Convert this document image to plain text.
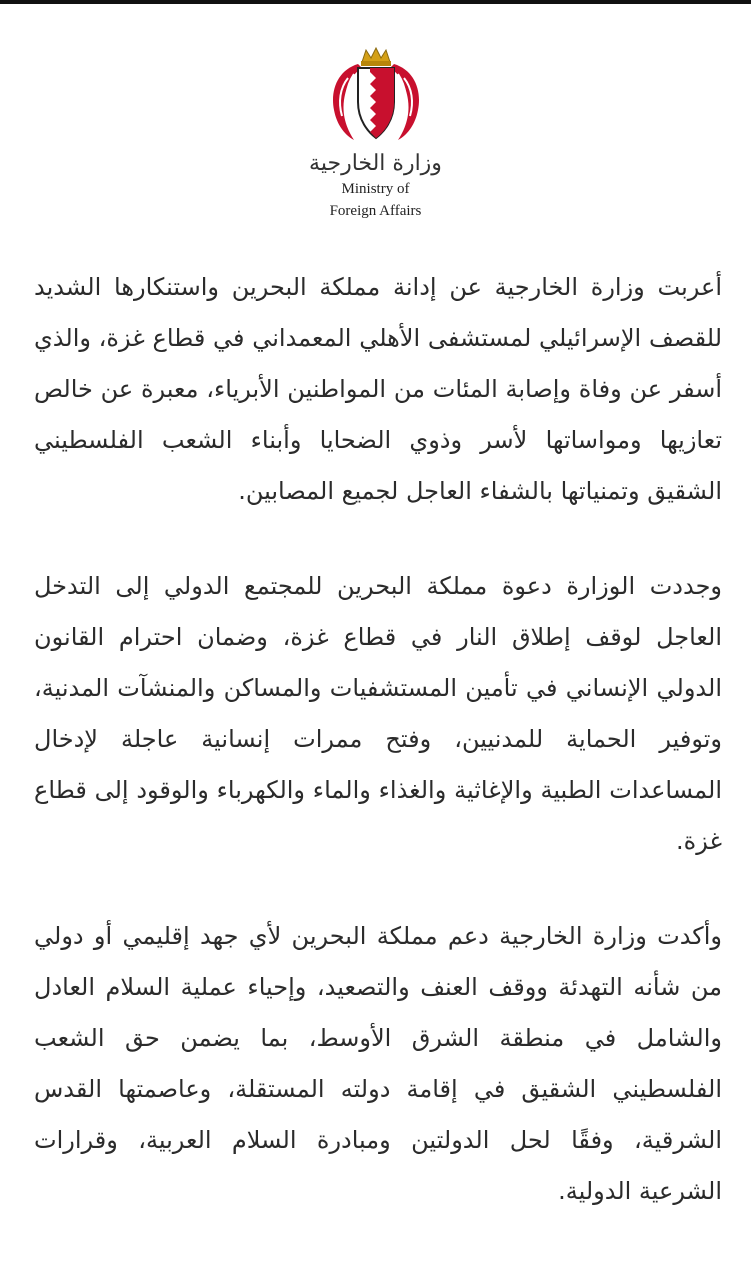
وزارة الخارجية
Ministry of
Foreign Affairs

أعربت وزارة الخارجية عن إدانة مملكة البحرين واستنكارها الشديد للقصف الإسرائيلي لمستشفى الأهلي المعمداني في قطاع غزة، والذي أسفر عن وفاة وإصابة المئات من المواطنين الأبرياء، معبرة عن خالص تعازيها ومواساتها لأسر وذوي الضحايا وأبناء الشعب الفلسطيني الشقيق وتمنياتها بالشفاء العاجل لجميع المصابين.

وجددت الوزارة دعوة مملكة البحرين للمجتمع الدولي إلى التدخل العاجل لوقف إطلاق النار في قطاع غزة، وضمان احترام القانون الدولي الإنساني في تأمين المستشفيات والمساكن والمنشآت المدنية، وتوفير الحماية للمدنيين، وفتح ممرات إنسانية عاجلة لإدخال المساعدات الطبية والإغاثية والغذاء والماء والكهرباء والوقود إلى قطاع غزة.

وأكدت وزارة الخارجية دعم مملكة البحرين لأي جهد إقليمي أو دولي من شأنه التهدئة ووقف العنف والتصعيد، وإحياء عملية السلام العادل والشامل في منطقة الشرق الأوسط، بما يضمن حق الشعب الفلسطيني الشقيق في إقامة دولته المستقلة، وعاصمتها القدس الشرقية، وفقًا لحل الدولتين ومبادرة السلام العربية، وقرارات الشرعية الدولية.
